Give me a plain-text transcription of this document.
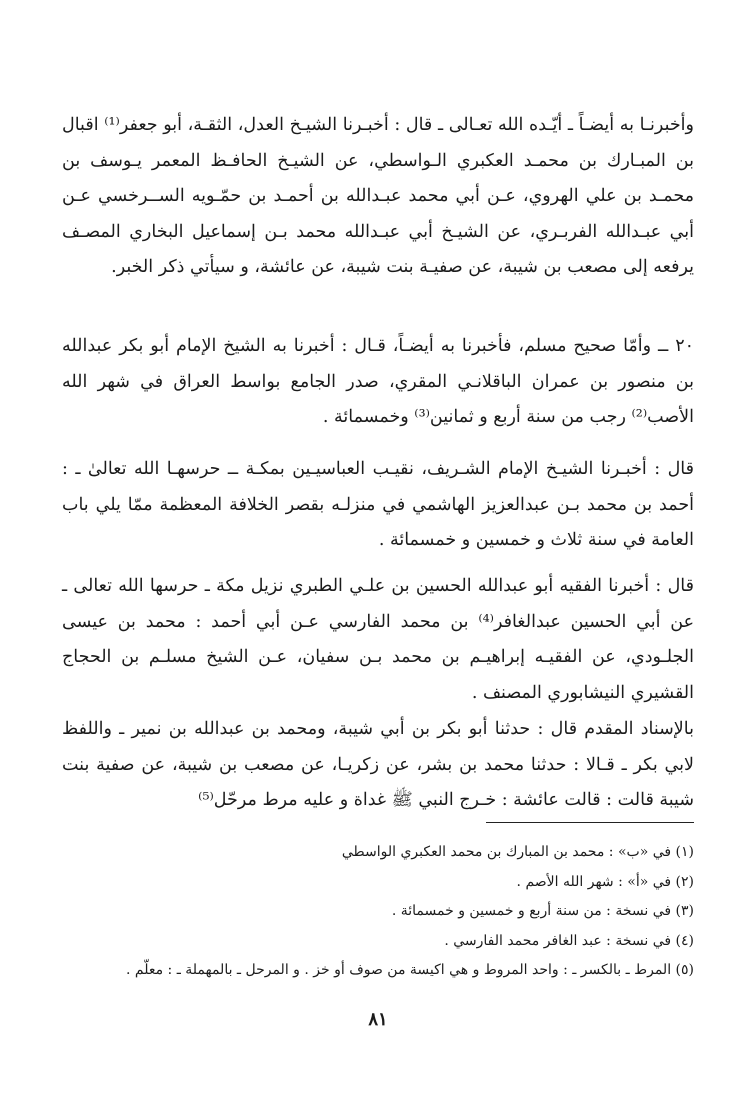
وأخبرنـا به أيضـاً ـ أيّـده الله تعـالى ـ قال : أخبـرنا الشيـخ العدل، الثقـة، أبو جعفر⁽¹⁾ اقبال بن المبـارك بن محمـد العكبري الـواسطي، عن الشيـخ الحافـظ المعمر يـوسف بن محمـد بن علي الهروي، عـن أبي محمد عبـدالله بن أحمـد بن حمّـويه الســرخسي عـن أبي عبـدالله الفربـري، عن الشيـخ أبي عبـدالله محمد بـن إسماعيل البخاري المصـف يرفعه إلى مصعب بن شيبة، عن صفيـة بنت شيبة، عن عائشة، و سيأتي ذكر الخبر.

٢٠ ــ وأمّا صحيح مسلم، فأخبرنا به أيضـاً، قـال : أخبرنا به الشيخ الإمام أبو بكر عبدالله بن منصور بن عمران الباقلانـي المقري، صدر الجامع بواسط العراق في شهر الله الأصب⁽²⁾ رجب من سنة أربع و ثمانين⁽³⁾ وخمسمائة .

قال : أخبـرنا الشيـخ الإمام الشـريف، نقيـب العباسيـين بمكـة ــ حرسهـا الله تعالىٰ ـ : أحمد بن محمد بـن عبدالعزيز الهاشمي في منزلـه بقصر الخلافة المعظمة ممّا يلي باب العامة في سنة ثلاث و خمسين و خمسمائة .

قال : أخبرنا الفقيه أبو عبدالله الحسين بن علـي الطبري نزيل مكة ـ حرسها الله تعالى ـ عن أبي الحسين عبدالغافر⁽⁴⁾ بن محمد الفارسي عـن أبي أحمد : محمد بن عيسى الجلـودي، عن الفقيـه إبراهيـم بن محمد بـن سفيان، عـن الشيخ مسلـم بن الحجاج القشيري النيشابوري المصنف .

بالإسناد المقدم قال : حدثنا أبو بكر بن أبي شيبة، ومحمد بن عبدالله بن نمير ـ واللفظ لابي بكر ـ قـالا : حدثنا محمد بن بشر، عن زكريـا، عن مصعب بن شيبة، عن صفية بنت شيبة قالت : قالت عائشة : خـرج النبي ﷺ غداة و عليه مرط مرحّل⁽⁵⁾

(١) في «ب» : محمد بن المبارك بن محمد العكبري الواسطي
(٢) في «أ» : شهر الله الأصم .
(٣) في نسخة : من سنة أربع و خمسين و خمسمائة .
(٤) في نسخة : عبد الغافر محمد الفارسي .
(٥) المرط ـ بالكسر ـ : واحد المروط و هي اكيسة من صوف أو خز . و المرحل ـ بالمهملة ـ : معلّم .
٨١
